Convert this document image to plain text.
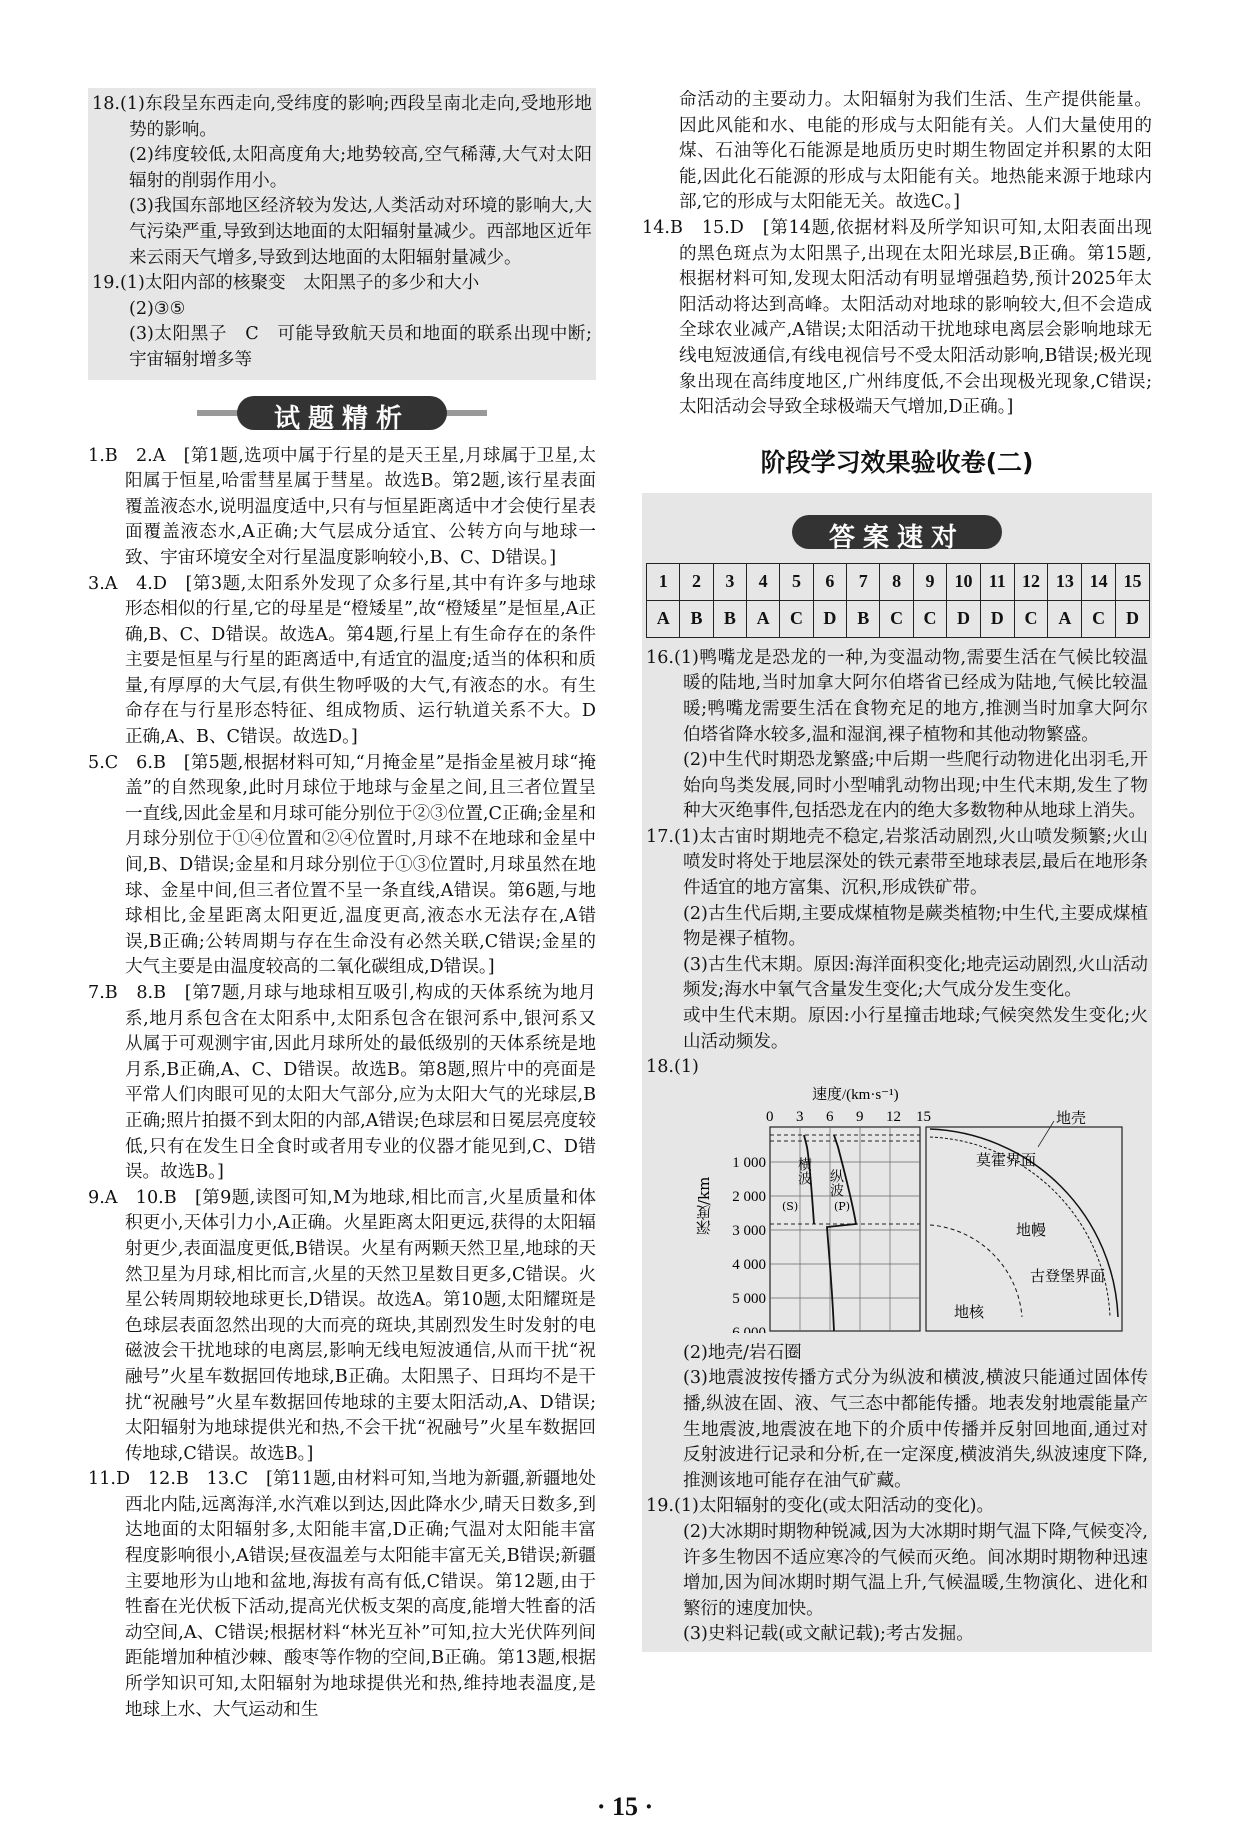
18.(1)东段呈东西走向,受纬度的影响;西段呈南北走向,受地形地势的影响。

(2)纬度较低,太阳高度角大;地势较高,空气稀薄,大气对太阳辐射的削弱作用小。

(3)我国东部地区经济较为发达,人类活动对环境的影响大,大气污染严重,导致到达地面的太阳辐射量减少。西部地区近年来云雨天气增多,导致到达地面的太阳辐射量减少。

19.(1)太阳内部的核聚变　太阳黑子的多少和大小

(2)③⑤

(3)太阳黑子　C　可能导致航天员和地面的联系出现中断;宇宙辐射增多等

试题精析

1.B　2.A　[第1题,选项中属于行星的是天王星,月球属于卫星,太阳属于恒星,哈雷彗星属于彗星。故选B。第2题,该行星表面覆盖液态水,说明温度适中,只有与恒星距离适中才会使行星表面覆盖液态水,A正确;大气层成分适宜、公转方向与地球一致、宇宙环境安全对行星温度影响较小,B、C、D错误。]

3.A　4.D　[第3题,太阳系外发现了众多行星,其中有许多与地球形态相似的行星,它的母星是“橙矮星”,故“橙矮星”是恒星,A正确,B、C、D错误。故选A。第4题,行星上有生命存在的条件主要是恒星与行星的距离适中,有适宜的温度;适当的体积和质量,有厚厚的大气层,有供生物呼吸的大气,有液态的水。有生命存在与行星形态特征、组成物质、运行轨道关系不大。D正确,A、B、C错误。故选D。]

5.C　6.B　[第5题,根据材料可知,“月掩金星”是指金星被月球“掩盖”的自然现象,此时月球位于地球与金星之间,且三者位置呈一直线,因此金星和月球可能分别位于②③位置,C正确;金星和月球分别位于①④位置和②④位置时,月球不在地球和金星中间,B、D错误;金星和月球分别位于①③位置时,月球虽然在地球、金星中间,但三者位置不呈一条直线,A错误。第6题,与地球相比,金星距离太阳更近,温度更高,液态水无法存在,A错误,B正确;公转周期与存在生命没有必然关联,C错误;金星的大气主要是由温度较高的二氧化碳组成,D错误。]

7.B　8.B　[第7题,月球与地球相互吸引,构成的天体系统为地月系,地月系包含在太阳系中,太阳系包含在银河系中,银河系又从属于可观测宇宙,因此月球所处的最低级别的天体系统是地月系,B正确,A、C、D错误。故选B。第8题,照片中的亮面是平常人们肉眼可见的太阳大气部分,应为太阳大气的光球层,B正确;照片拍摄不到太阳的内部,A错误;色球层和日冕层亮度较低,只有在发生日全食时或者用专业的仪器才能见到,C、D错误。故选B。]

9.A　10.B　[第9题,读图可知,M为地球,相比而言,火星质量和体积更小,天体引力小,A正确。火星距离太阳更远,获得的太阳辐射更少,表面温度更低,B错误。火星有两颗天然卫星,地球的天然卫星为月球,相比而言,火星的天然卫星数目更多,C错误。火星公转周期较地球更长,D错误。故选A。第10题,太阳耀斑是色球层表面忽然出现的大而亮的斑块,其剧烈发生时发射的电磁波会干扰地球的电离层,影响无线电短波通信,从而干扰“祝融号”火星车数据回传地球,B正确。太阳黑子、日珥均不是干扰“祝融号”火星车数据回传地球的主要太阳活动,A、D错误;太阳辐射为地球提供光和热,不会干扰“祝融号”火星车数据回传地球,C错误。故选B。]

11.D　12.B　13.C　[第11题,由材料可知,当地为新疆,新疆地处西北内陆,远离海洋,水汽难以到达,因此降水少,晴天日数多,到达地面的太阳辐射多,太阳能丰富,D正确;气温对太阳能丰富程度影响很小,A错误;昼夜温差与太阳能丰富无关,B错误;新疆主要地形为山地和盆地,海拔有高有低,C错误。第12题,由于牲畜在光伏板下活动,提高光伏板支架的高度,能增大牲畜的活动空间,A、C错误;根据材料“林光互补”可知,拉大光伏阵列间距能增加种植沙棘、酸枣等作物的空间,B正确。第13题,根据所学知识可知,太阳辐射为地球提供光和热,维持地表温度,是地球上水、大气运动和生

命活动的主要动力。太阳辐射为我们生活、生产提供能量。因此风能和水、电能的形成与太阳能有关。人们大量使用的煤、石油等化石能源是地质历史时期生物固定并积累的太阳能,因此化石能源的形成与太阳能有关。地热能来源于地球内部,它的形成与太阳能无关。故选C。]

14.B　15.D　[第14题,依据材料及所学知识可知,太阳表面出现的黑色斑点为太阳黑子,出现在太阳光球层,B正确。第15题,根据材料可知,发现太阳活动有明显增强趋势,预计2025年太阳活动将达到高峰。太阳活动对地球的影响较大,但不会造成全球农业减产,A错误;太阳活动干扰地球电离层会影响地球无线电短波通信,有线电视信号不受太阳活动影响,B错误;极光现象出现在高纬度地区,广州纬度低,不会出现极光现象,C错误;太阳活动会导致全球极端天气增加,D正确。]

阶段学习效果验收卷(二)
答案速对
1	2	3	4	5	6	7	8	9	10	11	12	13	14	15
A	B	B	A	C	D	B	C	C	D	D	C	A	C	D

16.(1)鸭嘴龙是恐龙的一种,为变温动物,需要生活在气候比较温暖的陆地,当时加拿大阿尔伯塔省已经成为陆地,气候比较温暖;鸭嘴龙需要生活在食物充足的地方,推测当时加拿大阿尔伯塔省降水较多,温和湿润,裸子植物和其他动物繁盛。

(2)中生代时期恐龙繁盛;中后期一些爬行动物进化出羽毛,开始向鸟类发展,同时小型哺乳动物出现;中生代末期,发生了物种大灭绝事件,包括恐龙在内的绝大多数物种从地球上消失。

17.(1)太古宙时期地壳不稳定,岩浆活动剧烈,火山喷发频繁;火山喷发时将处于地层深处的铁元素带至地球表层,最后在地形条件适宜的地方富集、沉积,形成铁矿带。

(2)古生代后期,主要成煤植物是蕨类植物;中生代,主要成煤植物是裸子植物。

(3)古生代末期。原因:海洋面积变化;地壳运动剧烈,火山活动频发;海水中氧气含量发生变化;大气成分发生变化。

或中生代末期。原因:小行星撞击地球;气候突然发生变化;火山活动频发。

18.(1)

速度/(km·s⁻¹)
0 3 6 9 12 15
横波
(S)
纵波
(P)
1 000
2 000
3 000
4 000
5 000
6 000
深度/km
地壳
莫霍界面
地幔
古登堡界面
地核

(2)地壳/岩石圈

(3)地震波按传播方式分为纵波和横波,横波只能通过固体传播,纵波在固、液、气三态中都能传播。地表发射地震能量产生地震波,地震波在地下的介质中传播并反射回地面,通过对反射波进行记录和分析,在一定深度,横波消失,纵波速度下降,推测该地可能存在油气矿藏。

19.(1)太阳辐射的变化(或太阳活动的变化)。

(2)大冰期时期物种锐减,因为大冰期时期气温下降,气候变冷,许多生物因不适应寒冷的气候而灭绝。间冰期时期物种迅速增加,因为间冰期时期气温上升,气候温暖,生物演化、进化和繁衍的速度加快。

(3)史料记载(或文献记载);考古发掘。

· 15 ·
